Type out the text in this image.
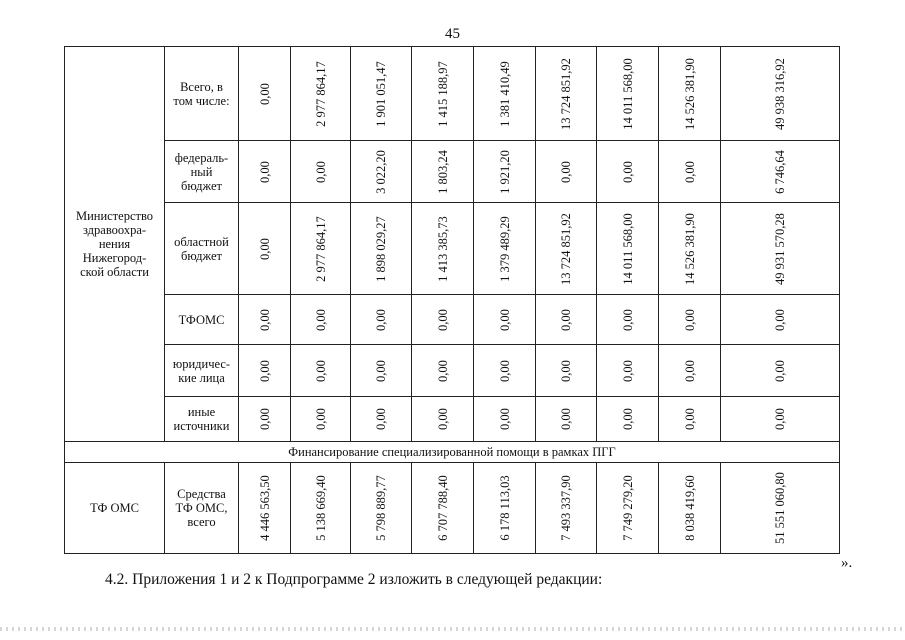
45
Министерство
здравоохра-
нения
Нижегород-
ской области	Всего, в
том числе:	0,00	2 977 864,17	1 901 051,47	1 415 188,97	1 381 410,49	13 724 851,92	14 011 568,00	14 526 381,90	49 938 316,92

	федераль-
ный
бюджет	0,00	0,00	3 022,20	1 803,24	1 921,20	0,00	0,00	0,00	6 746,64

	областной
бюджет	0,00	2 977 864,17	1 898 029,27	1 413 385,73	1 379 489,29	13 724 851,92	14 011 568,00	14 526 381,90	49 931 570,28

	ТФОМС	0,00	0,00	0,00	0,00	0,00	0,00	0,00	0,00	0,00

	юридичес-
кие лица	0,00	0,00	0,00	0,00	0,00	0,00	0,00	0,00	0,00

	иные
источники	0,00	0,00	0,00	0,00	0,00	0,00	0,00	0,00	0,00

Финансирование специализированной помощи в рамках ПГГ										
ТФ ОМС	Средства
ТФ ОМС,
всего	4 446 563,50	5 138 669,40	5 798 889,77	6 707 788,40	6 178 113,03	7 493 337,90	7 749 279,20	8 038 419,60	51 551 060,80
».
4.2. Приложения 1 и 2 к Подпрограмме 2 изложить в следующей редакции:
